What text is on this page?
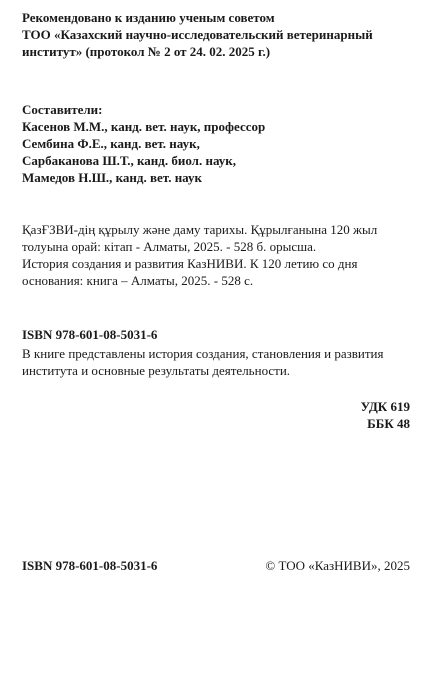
Рекомендовано к изданию ученым советом
ТОО «Казахский научно-исследовательский ветеринарный
институт» (протокол № 2 от 24. 02. 2025 г.)
Составители:
Касенов М.М., канд. вет. наук, профессор
Сембина Ф.Е., канд. вет. наук,
Сарбаканова Ш.Т., канд. биол. наук,
Мамедов Н.Ш., канд. вет. наук
ҚазҒЗВИ-дің құрылу және даму тарихы. Құрылғанына 120 жыл
толуына орай: кітап - Алматы, 2025. - 528 б. орысша.
История создания и развития КазНИВИ. К 120 летию со дня
основания: книга – Алматы, 2025. - 528 с.
ISBN 978-601-08-5031-6
В книге представлены история создания, становления и развития
института и основные результаты деятельности.
УДК 619
ББК 48
ISBN 978-601-08-5031-6	© ТОО «КазНИВИ», 2025
